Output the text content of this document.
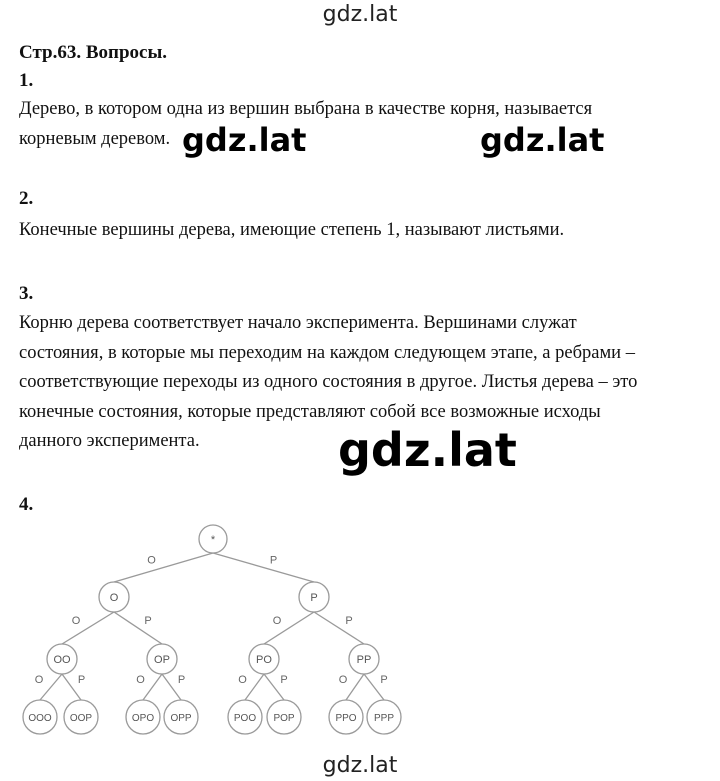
gdz.lat
gdz.lat	gdz.lat
gdz.lat
gdz.lat
Стр.63. Вопросы.
1.
Дерево, в котором одна из вершин выбрана в качестве корня, называется
корневым деревом.
2.
Конечные вершины дерева, имеющие степень 1, называют листьями.
3.
Корню дерева соответствует начало эксперимента. Вершинами служат
состояния, в которые мы переходим на каждом следующем этапе, а ребрами –
соответствующие переходы из одного состояния в другое. Листья дерева – это
конечные состояния, которые представляют собой все возможные исходы
данного эксперимента.
4.
O	P
O	P	O	P
O	P	O	P	O	P	O	P
*
O	P
OO	OP	PO	PP
OOO OOP	OPO OPP	POO POP	PPO PPP
